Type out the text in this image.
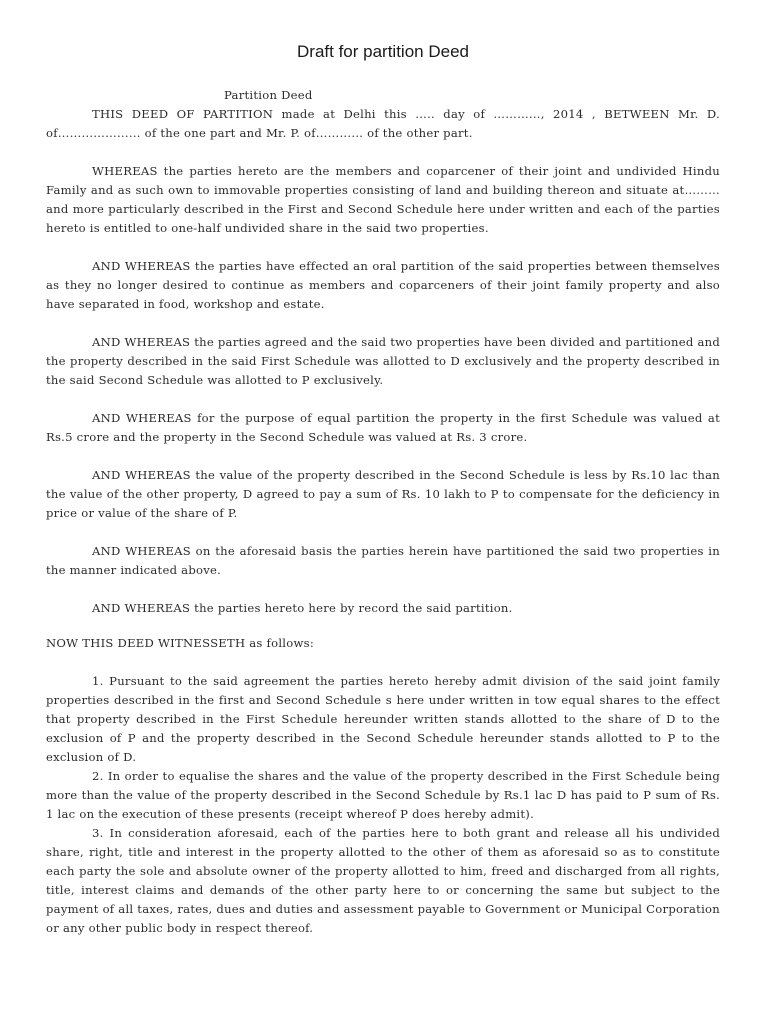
Draft for partition Deed

Partition Deed

THIS DEED OF PARTITION made at Delhi this ….. day of …………, 2014 , BETWEEN Mr. D. of………………… of the one part and Mr. P. of………… of the other part.

WHEREAS the parties hereto are the members and coparcener of their joint and undivided Hindu Family and as such own to immovable properties consisting of land and building thereon and situate at……… and more particularly described in the First and Second Schedule here under written and each of the parties hereto is entitled to one-half undivided share in the said two properties.

AND WHEREAS the parties have effected an oral partition of the said properties between themselves as they no longer desired to continue as members and coparceners of their joint family property and also have separated in food, workshop and estate.

AND WHEREAS the parties agreed and the said two properties have been divided and partitioned and the property described in the said First Schedule was allotted to D exclusively and the property described in the said Second Schedule was allotted to P exclusively.

AND WHEREAS for the purpose of equal partition the property in the first Schedule was valued at Rs.5 crore and the property in the Second Schedule was valued at Rs. 3 crore.

AND WHEREAS the value of the property described in the Second Schedule is less by Rs.10 lac than the value of the other property, D agreed to pay a sum of Rs. 10 lakh to P to compensate for the deficiency in price or value of the share of P.

AND WHEREAS on the aforesaid basis the parties herein have partitioned the said two properties in the manner indicated above.

AND WHEREAS the parties hereto here by record the said partition.

NOW THIS DEED WITNESSETH as follows:

1. Pursuant to the said agreement the parties hereto hereby admit division of the said joint family properties described in the first and Second Schedule s here under written in tow equal shares to the effect that property described in the First Schedule hereunder written stands allotted to the share of D to the exclusion of P and the property described in the Second Schedule hereunder stands allotted to P to the exclusion of D.

2. In order to equalise the shares and the value of the property described in the First Schedule being more than the value of the property described in the Second Schedule by Rs.1 lac D has paid to P sum of Rs. 1 lac on the execution of these presents (receipt whereof P does hereby admit).

3. In consideration aforesaid, each of the parties here to both grant and release all his undivided share, right, title and interest in the property allotted to the other of them as aforesaid so as to constitute each party the sole and absolute owner of the property allotted to him, freed and discharged from all rights, title, interest claims and demands of the other party here to or concerning the same but subject to the payment of all taxes, rates, dues and duties and assessment payable to Government or Municipal Corporation or any other public body in respect thereof.
